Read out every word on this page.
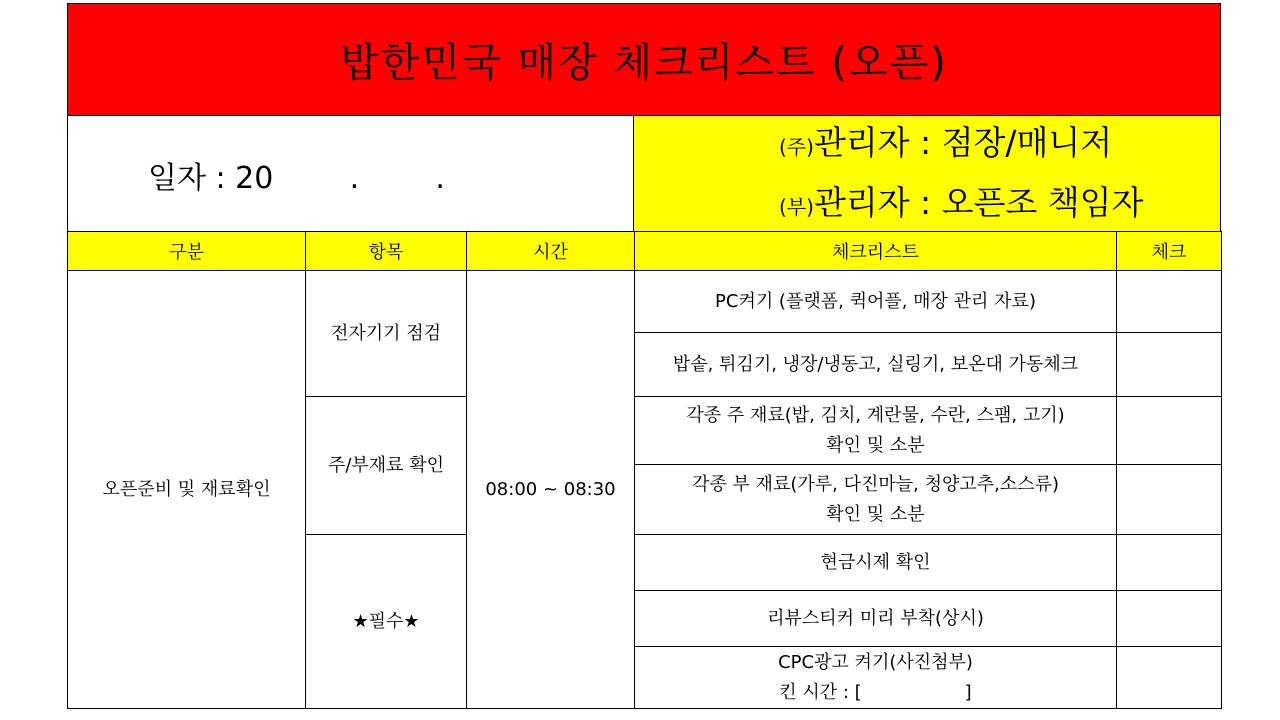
밥한민국 매장 체크리스트 (오픈)
일자 : 20        .        .
(주)관리자 : 점장/매니저
(부)관리자 : 오픈조 책임자
구분	항목	시간	체크리스트	체크
오픈준비 및 재료확인	전자기기 점검	08:00 ~ 08:30	PC켜기 (플랫폼, 퀵어플, 매장 관리 자료)	

			밥솥, 튀김기, 냉장/냉동고, 실링기, 보온대 가동체크	

	주/부재료 확인		각종 주 재료(밥, 김치, 계란물, 수란, 스팸, 고기)
확인 및 소분	

			각종 부 재료(가루, 다진마늘, 청양고추,소스류)
확인 및 소분	

	★필수★		현금시제 확인	

			리뷰스티커 미리 부착(상시)	

			CPC광고 켜기(사진첨부)
킨 시간 : [                  ]	
